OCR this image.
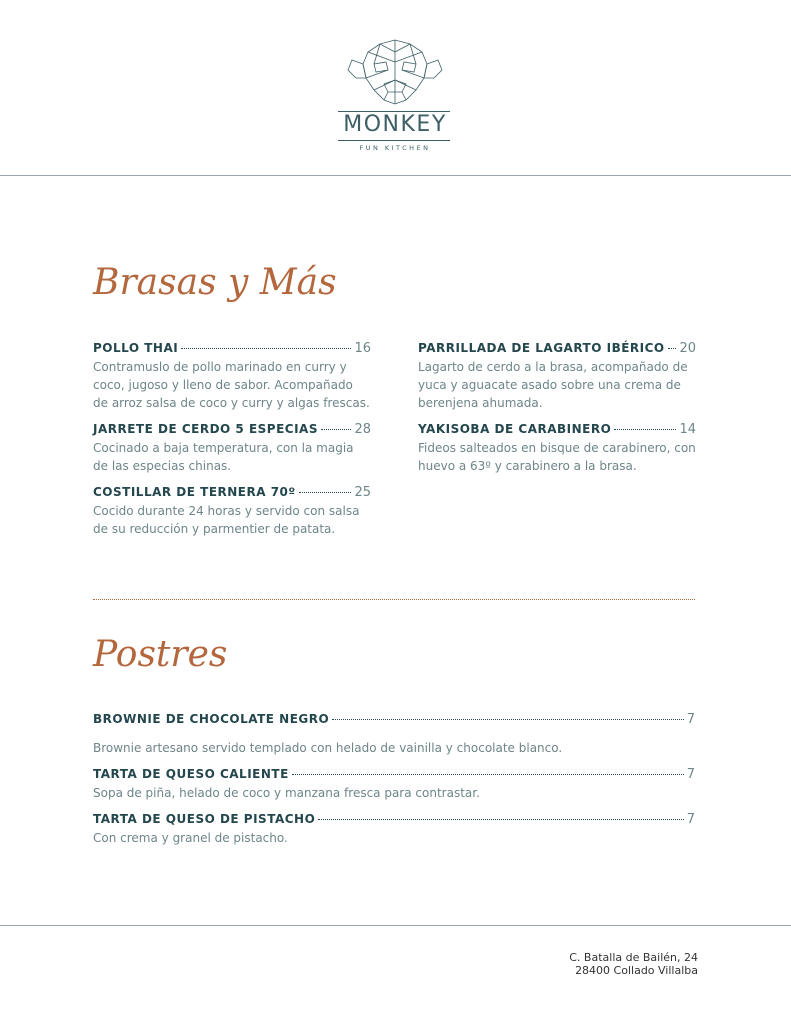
MONKEY
FUN KITCHEN
Brasas y Más
POLLO THAI	16
Contramuslo de pollo marinado en curry y coco, jugoso y lleno de sabor. Acompañado de arroz salsa de coco y curry y algas frescas.
JARRETE DE CERDO 5 ESPECIAS	28
Cocinado a baja temperatura, con la magia de las especias chinas.
COSTILLAR DE TERNERA 70º	25
Cocido durante 24 horas y servido con salsa de su reducción y parmentier de patata.
PARRILLADA DE LAGARTO IBÉRICO 20
Lagarto de cerdo a la brasa, acompañado de yuca y aguacate asado sobre una crema de berenjena ahumada.
YAKISOBA DE CARABINERO	14
Fideos salteados en bisque de carabinero, con huevo a 63º y carabinero a la brasa.
Postres
BROWNIE DE CHOCOLATE NEGRO	7
Brownie artesano servido templado con helado de vainilla y chocolate blanco.
TARTA DE QUESO CALIENTE	7
Sopa de piña, helado de coco y manzana fresca para contrastar.
TARTA DE QUESO DE PISTACHO	7
Con crema y granel de pistacho.
C. Batalla de Bailén, 24
28400 Collado Villalba
